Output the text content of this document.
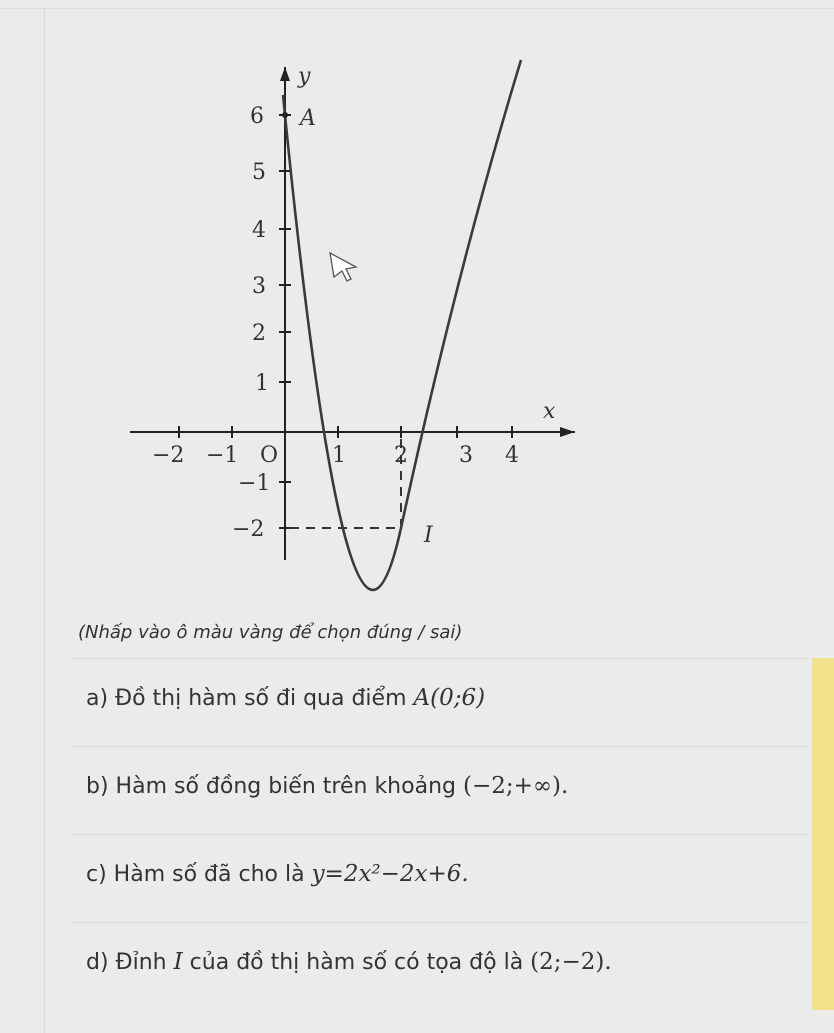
y
x
A
I
O
−2 −1	1 2 3 4
6
5
4
3
2
1
−1
−2
(Nhấp vào ô màu vàng để chọn đúng / sai)
a) Đồ thị hàm số đi qua điểm A(0;6)
b) Hàm số đồng biến trên khoảng (−2;+∞).
c) Hàm số đã cho là y=2x²−2x+6.
d) Đỉnh I của đồ thị hàm số có tọa độ là (2;−2).
